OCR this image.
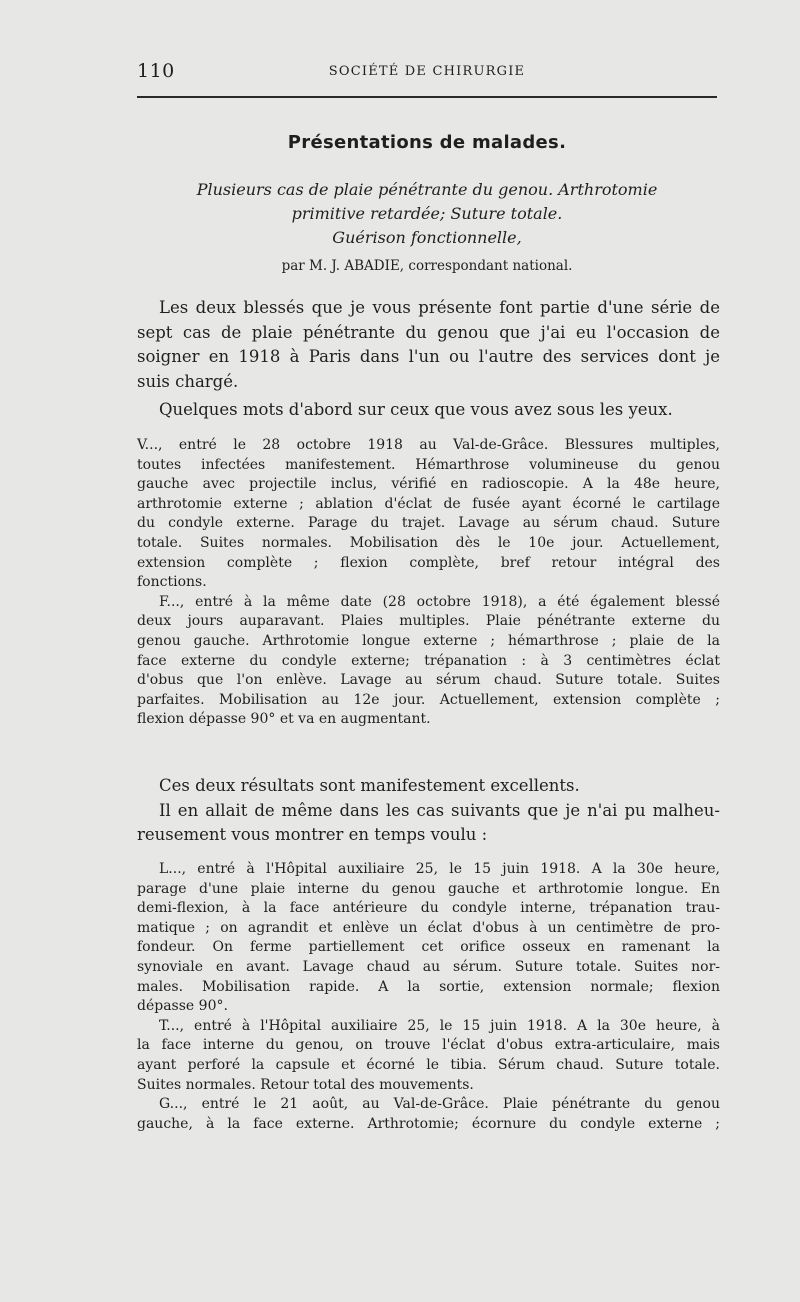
110	SOCIÉTÉ DE CHIRURGIE
Présentations de malades.
Plusieurs cas de plaie pénétrante du genou. Arthrotomie
primitive retardée; Suture totale.
Guérison fonctionnelle,
par M. J. ABADIE, correspondant national.
Les deux blessés que je vous présente font partie d'une série de
sept cas de plaie pénétrante du genou que j'ai eu l'occasion de
soigner en 1918 à Paris dans l'un ou l'autre des services dont je
suis chargé.
Quelques mots d'abord sur ceux que vous avez sous les yeux.
V..., entré le 28 octobre 1918 au Val-de-Grâce. Blessures multiples,
toutes infectées manifestement. Hémarthrose volumineuse du genou
gauche avec projectile inclus, vérifié en radioscopie. A la 48e heure,
arthrotomie externe ; ablation d'éclat de fusée ayant écorné le cartilage
du condyle externe. Parage du trajet. Lavage au sérum chaud. Suture
totale. Suites normales. Mobilisation dès le 10e jour. Actuellement,
extension complète ; flexion complète, bref retour intégral des
fonctions.
F..., entré à la même date (28 octobre 1918), a été également blessé
deux jours auparavant. Plaies multiples. Plaie pénétrante externe du
genou gauche. Arthrotomie longue externe ; hémarthrose ; plaie de la
face externe du condyle externe; trépanation : à 3 centimètres éclat
d'obus que l'on enlève. Lavage au sérum chaud. Suture totale. Suites
parfaites. Mobilisation au 12e jour. Actuellement, extension complète ;
flexion dépasse 90° et va en augmentant.
Ces deux résultats sont manifestement excellents.
Il en allait de même dans les cas suivants que je n'ai pu malheu-
reusement vous montrer en temps voulu :
L..., entré à l'Hôpital auxiliaire 25, le 15 juin 1918. A la 30e heure,
parage d'une plaie interne du genou gauche et arthrotomie longue. En
demi-flexion, à la face antérieure du condyle interne, trépanation trau-
matique ; on agrandit et enlève un éclat d'obus à un centimètre de pro-
fondeur. On ferme partiellement cet orifice osseux en ramenant la
synoviale en avant. Lavage chaud au sérum. Suture totale. Suites nor-
males. Mobilisation rapide. A la sortie, extension normale; flexion
dépasse 90°.
T..., entré à l'Hôpital auxiliaire 25, le 15 juin 1918. A la 30e heure, à
la face interne du genou, on trouve l'éclat d'obus extra-articulaire, mais
ayant perforé la capsule et écorné le tibia. Sérum chaud. Suture totale.
Suites normales. Retour total des mouvements.
G..., entré le 21 août, au Val-de-Grâce. Plaie pénétrante du genou
gauche, à la face externe. Arthrotomie; écornure du condyle externe ;
